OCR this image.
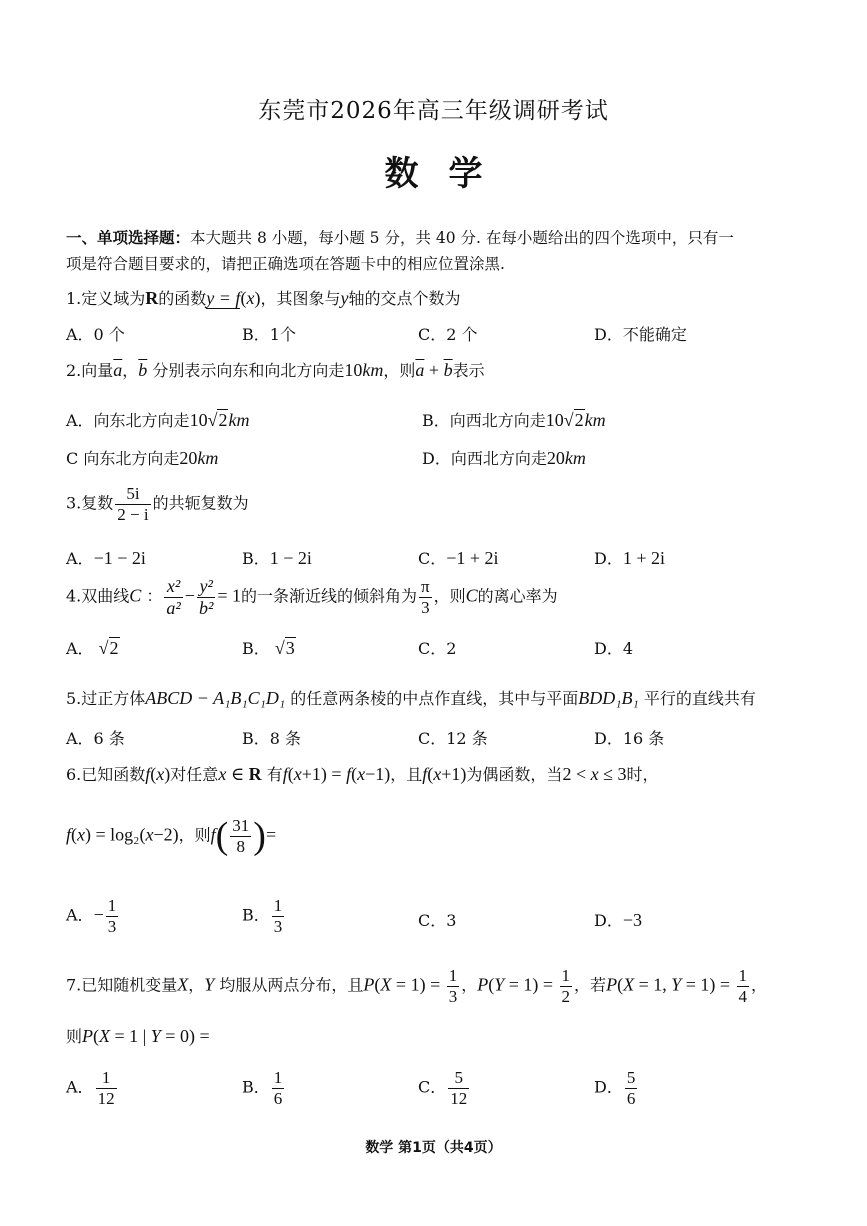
东莞市2026年高三年级调研考试
数学
一、单项选择题：本大题共 8 小题，每小题 5 分，共 40 分. 在每小题给出的四个选项中，只有一
项是符合题目要求的，请把正确选项在答题卡中的相应位置涂黑.
1.定义域为R的函数y = f(x)，其图象与y轴的交点个数为
A．0 个	B．1个	C．2 个	D．不能确定
2.向量$\overline{a}$，$\overline{b}$ 分别表示向东和向北方向走10km，则$\overline{a} + \overline{b}$表示
A．向东北方向走10√2km	B．向西北方向走10√2km
C 向东北方向走20km	D．向西北方向走20km
3.复数 $\frac{5i}{2 - i}$ 的共轭复数为
A．−1 − 2i	B．1 − 2i	C．−1 + 2i	D．1 + 2i
4.双曲线C ： $\frac{\text{x²}}{\text{a²}} - \frac{\text{y²}}{\text{b²}} = 1$的一条渐近线的倾斜角为 $\frac{\pi}{3}$ ，则C的离心率为
A． √2	B． √3	C．2	D．4
5.过正方体ABCD − A₁B₁C₁D₁ 的任意两条棱的中点作直线，其中与平面BDD₁B₁ 平行的直线共有
A．6 条	B．8 条	C．12 条	D．16 条
6.已知函数f(x)对任意x ∈ R 有f(x+1) = f(x−1)，且f(x+1)为偶函数，当2 < x ≤ 3时，
f(x) = log₂(x−2)，则$f( \frac{31}{8}$ )=
A．− $\frac{1}{3}$	B． $\frac{1}{3}$	C．3	D．−3
7.已知随机变量X，Y 均服从两点分布，且$P(X = 1) = \frac{1}{3}$ ，$P(Y = 1) = \frac{1}{2}$ ，若P(X = 1, $Y = 1) = \frac{1}{4}$ ，
则P(X = 1 | Y = 0) =
A． $\frac{1}{12}$	B． $\frac{1}{6}$	C． $\frac{5}{12}$	D． $\frac{5}{6}$
数学 第1页（共4页）
